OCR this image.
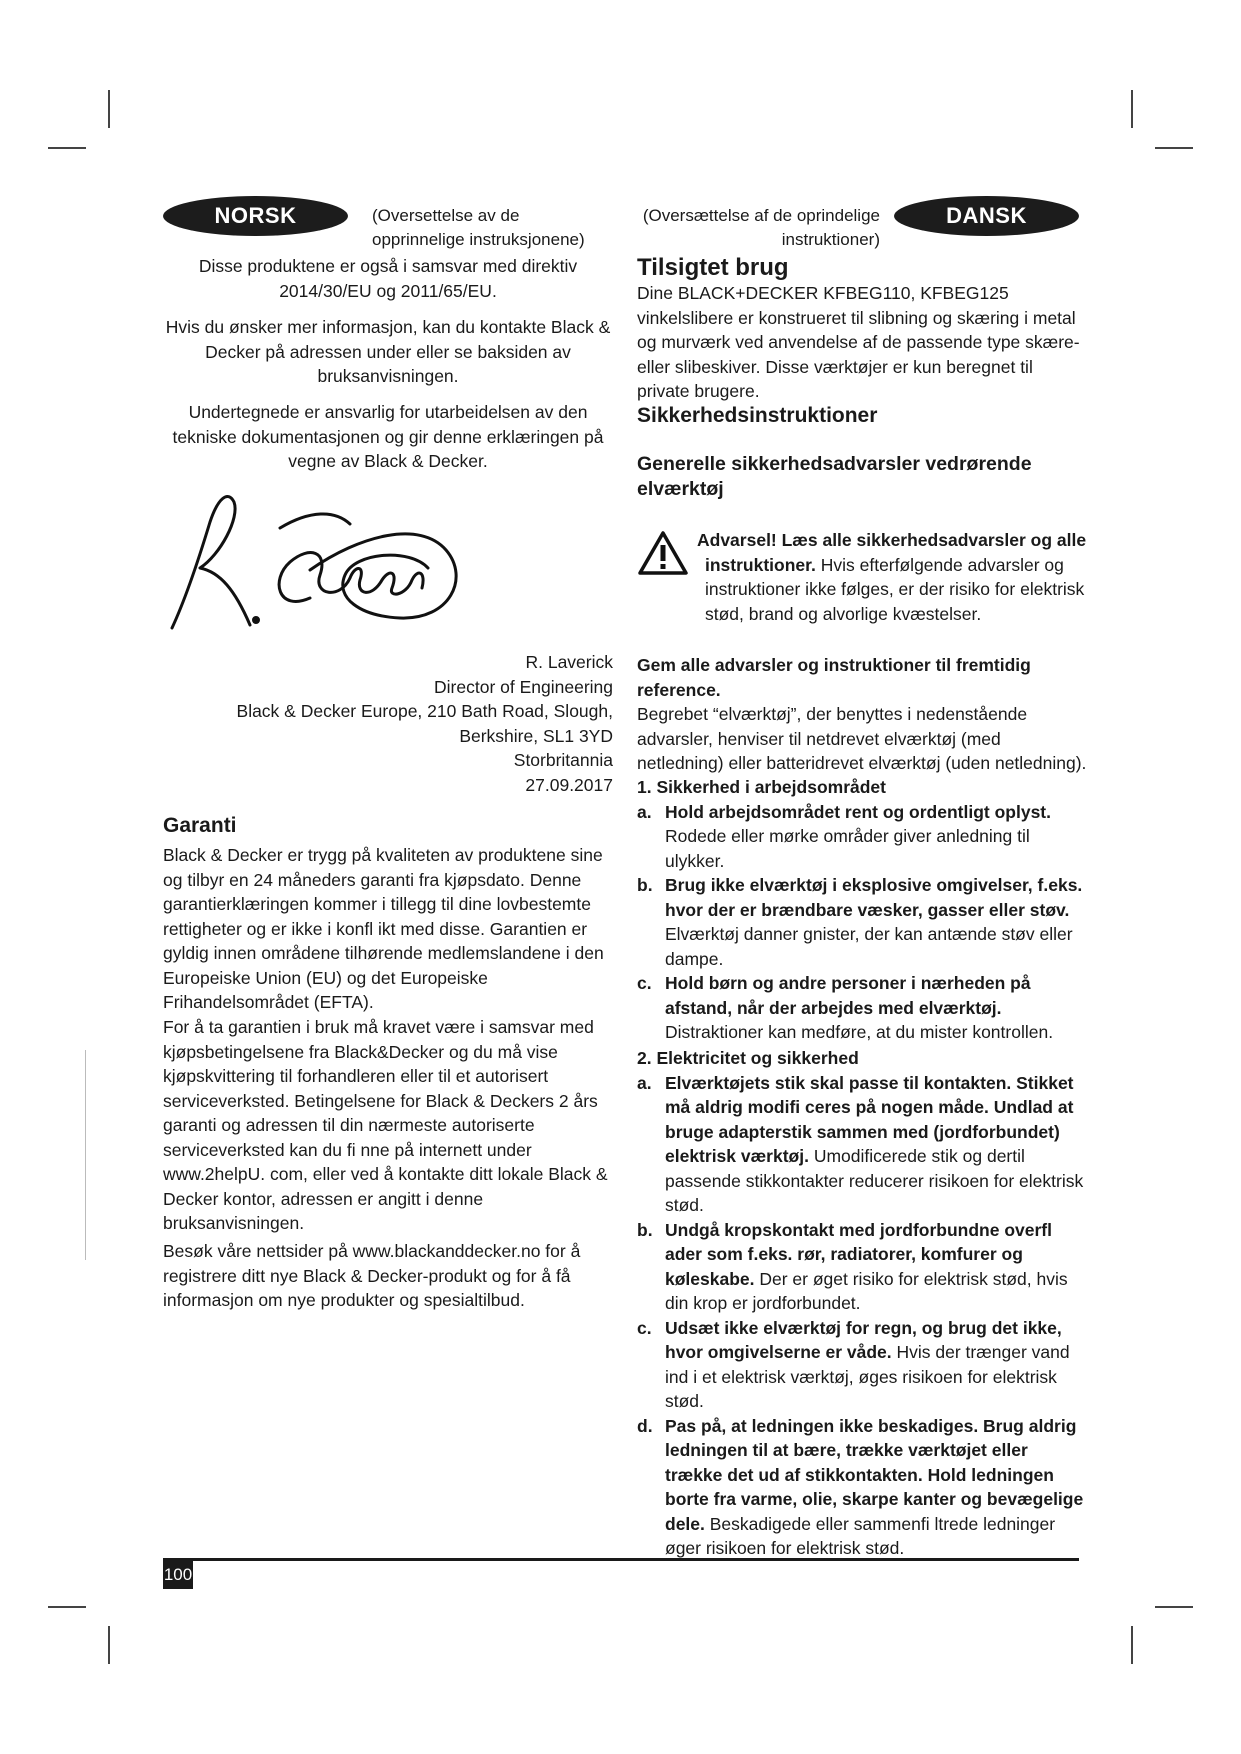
NORSK	(Oversettelse av de opprinnelige instruksjonene)

Disse produktene er også i samsvar med direktiv 2014/30/EU og 2011/65/EU.

Hvis du ønsker mer informasjon, kan du kontakte Black & Decker på adressen under eller se baksiden av bruksanvisningen.

Undertegnede er ansvarlig for utarbeidelsen av den tekniske dokumentasjonen og gir denne erklæringen på vegne av Black & Decker.

R. Laverick

Director of Engineering

Black & Decker Europe, 210 Bath Road, Slough,

Berkshire, SL1 3YD

Storbritannia

27.09.2017

Garanti

Black & Decker er trygg på kvaliteten av produktene sine og tilbyr en 24 måneders garanti fra kjøpsdato. Denne garantierklæringen kommer i tillegg til dine lovbestemte rettigheter og er ikke i konfl ikt med disse. Garantien er gyldig innen områdene tilhørende medlemslandene i den Europeiske Union (EU) og det Europeiske Frihandelsområdet (EFTA).

For å ta garantien i bruk må kravet være i samsvar med kjøpsbetingelsene fra Black&Decker og du må vise kjøpskvittering til forhandleren eller til et autorisert serviceverksted. Betingelsene for Black & Deckers 2 års garanti og adressen til din nærmeste autoriserte serviceverksted kan du fi nne på internett under www.2helpU. com, eller ved å kontakte ditt lokale Black & Decker kontor, adressen er angitt i denne bruksanvisningen.

Besøk våre nettsider på www.blackanddecker.no for å registrere ditt nye Black & Decker-produkt og for å få informasjon om nye produkter og spesialtilbud.

(Oversættelse af de oprindelige instruktioner)

DANSK
Tilsigtet brug

Dine BLACK+DECKER KFBEG110, KFBEG125 vinkelslibere er konstrueret til slibning og skæring i metal og murværk ved anvendelse af de passende type skære- eller slibeskiver. Disse værktøjer er kun beregnet til private brugere.

Sikkerhedsinstruktioner
Generelle sikkerhedsadvarsler vedrørende elværktøj

Advarsel! Læs alle sikkerhedsadvarsler og alle instruktioner. Hvis efterfølgende advarsler og instruktioner ikke følges, er der risiko for elektrisk stød, brand og alvorlige kvæstelser.

Gem alle advarsler og instruktioner til fremtidig reference.
Begrebet “elværktøj”, der benyttes i nedenstående advarsler, henviser til netdrevet elværktøj (med netledning) eller batteridrevet elværktøj (uden netledning).

1. Sikkerhed i arbejdsområdet

a. Hold arbejdsområdet rent og ordentligt oplyst. Rodede eller mørke områder giver anledning til ulykker.
b. Brug ikke elværktøj i eksplosive omgivelser, f.eks. hvor der er brændbare væsker, gasser eller støv. Elværktøj danner gnister, der kan antænde støv eller dampe.
c. Hold børn og andre personer i nærheden på afstand, når der arbejdes med elværktøj. Distraktioner kan medføre, at du mister kontrollen.

2. Elektricitet og sikkerhed

a. Elværktøjets stik skal passe til kontakten. Stikket må aldrig modifi ceres på nogen måde. Undlad at bruge adapterstik sammen med (jordforbundet) elektrisk værktøj. Umodificerede stik og dertil passende stikkontakter reducerer risikoen for elektrisk stød.
b. Undgå kropskontakt med jordforbundne overfl ader som f.eks. rør, radiatorer, komfurer og køleskabe. Der er øget risiko for elektrisk stød, hvis din krop er jordforbundet.
c. Udsæt ikke elværktøj for regn, og brug det ikke, hvor omgivelserne er våde. Hvis der trænger vand ind i et elektrisk værktøj, øges risikoen for elektrisk stød.
d. Pas på, at ledningen ikke beskadiges. Brug aldrig ledningen til at bære, trække værktøjet eller trække det ud af stikkontakten. Hold ledningen borte fra varme, olie, skarpe kanter og bevægelige dele. Beskadigede eller sammenfi ltrede ledninger øger risikoen for elektrisk stød.
100
